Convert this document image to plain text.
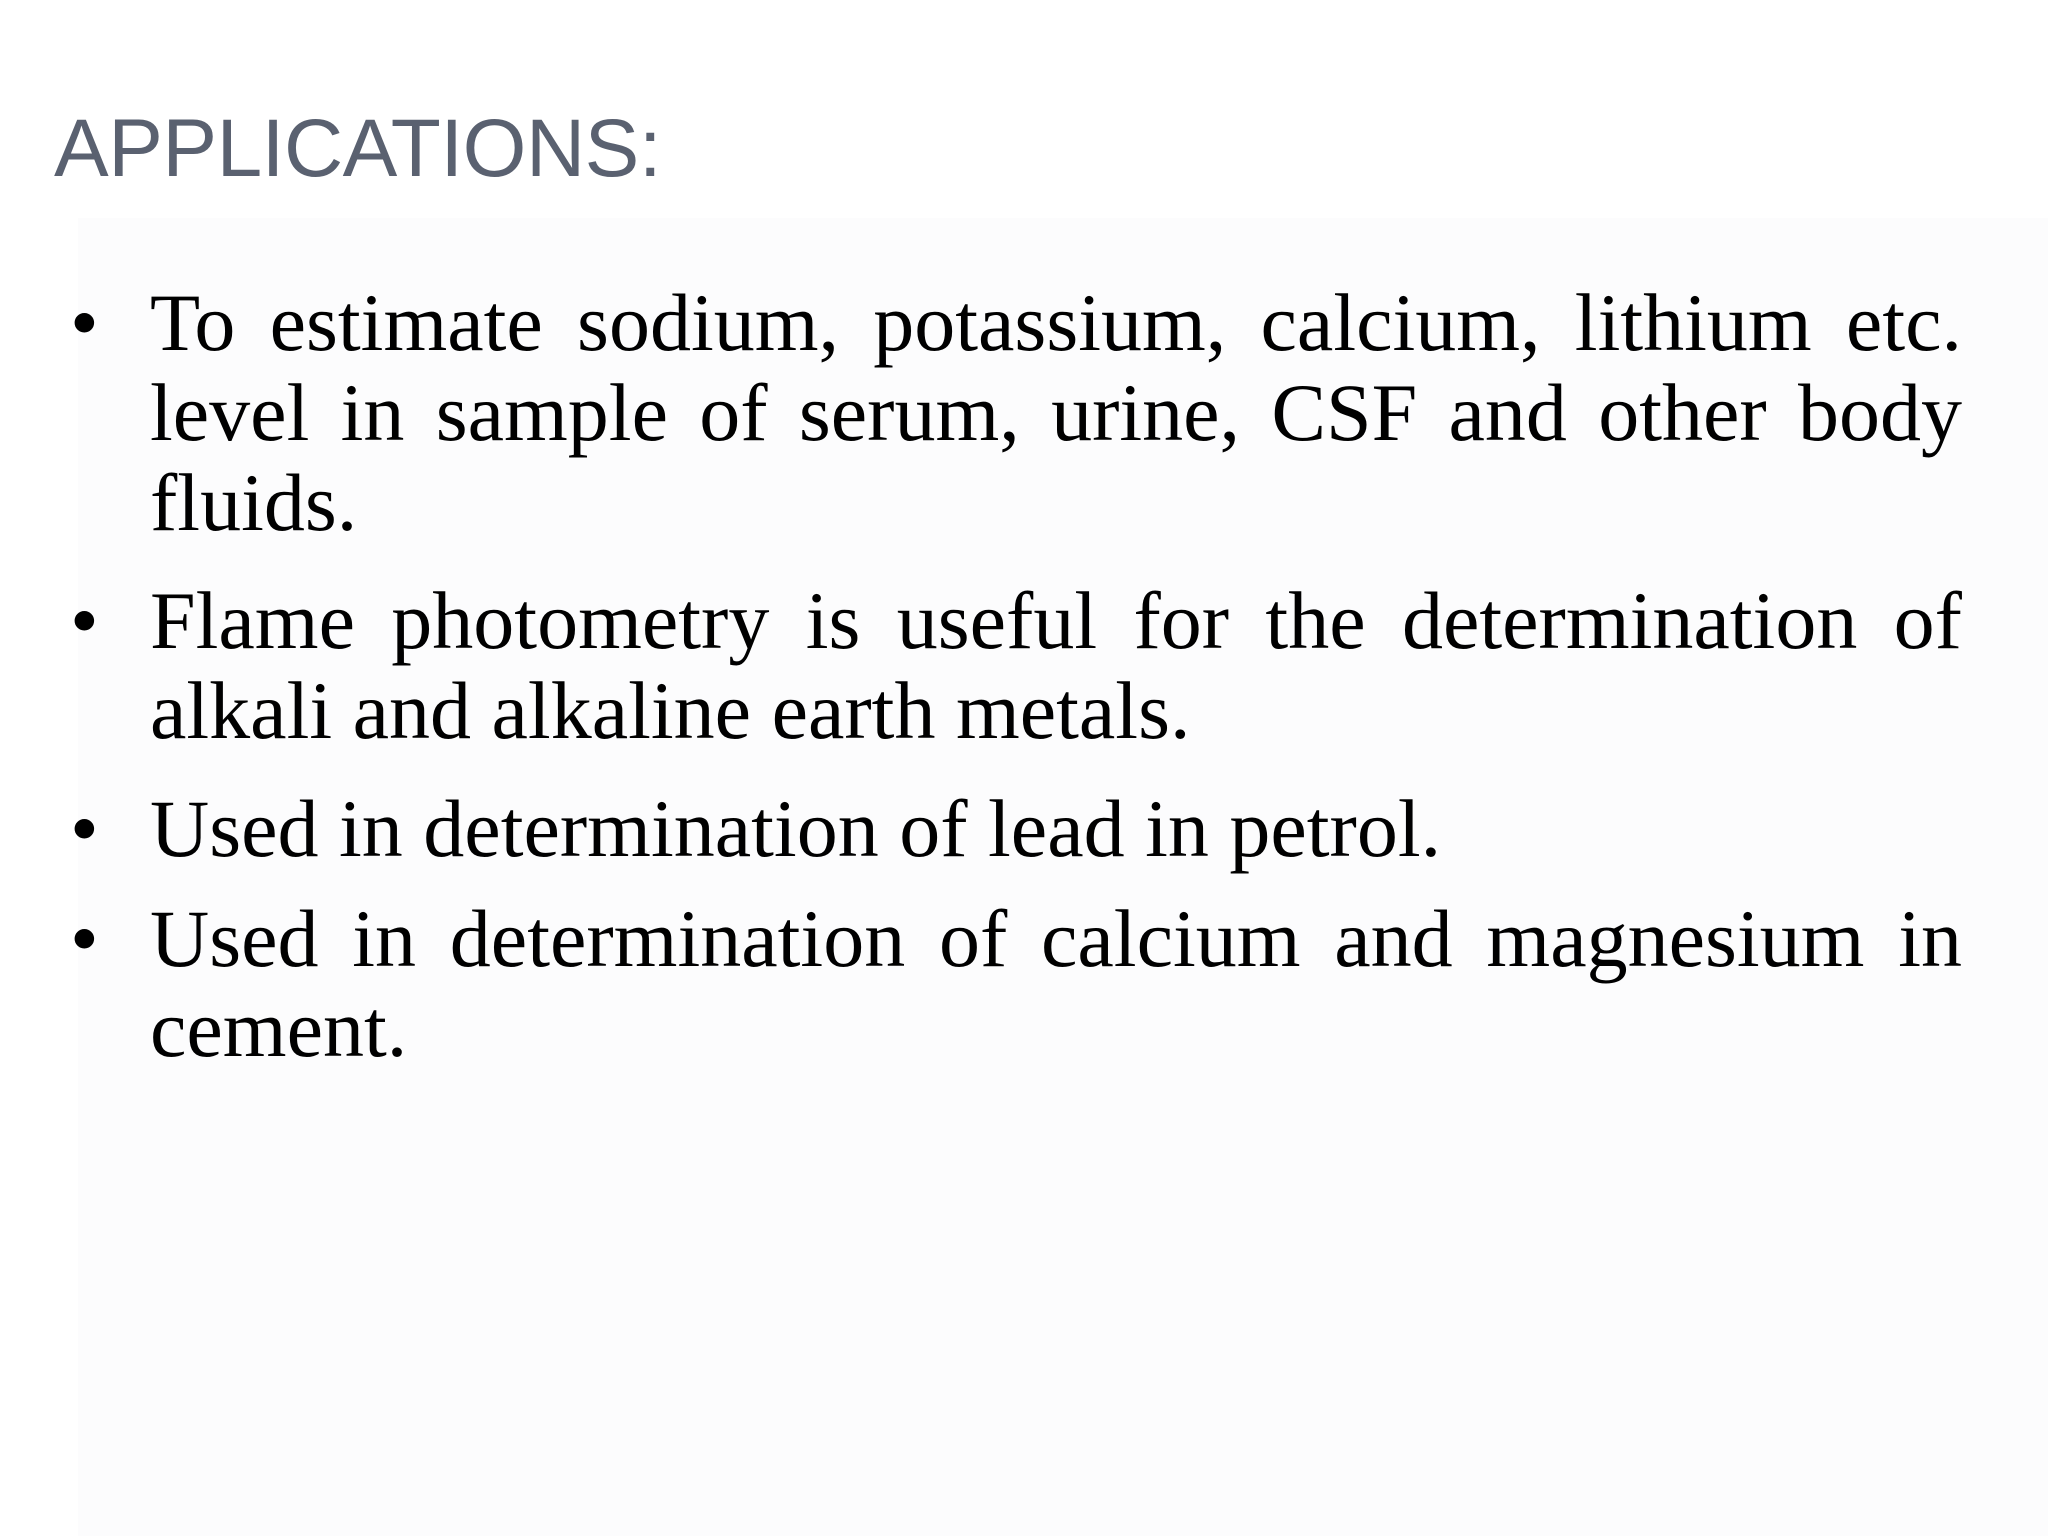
APPLICATIONS:
• To estimate sodium, potassium, calcium, lithium etc. level in sample of serum, urine, CSF and other body fluids.
• Flame photometry is useful for the determination of alkali and alkaline earth metals.
• Used in determination of lead in petrol.
• Used in determination of calcium and magnesium in cement.
